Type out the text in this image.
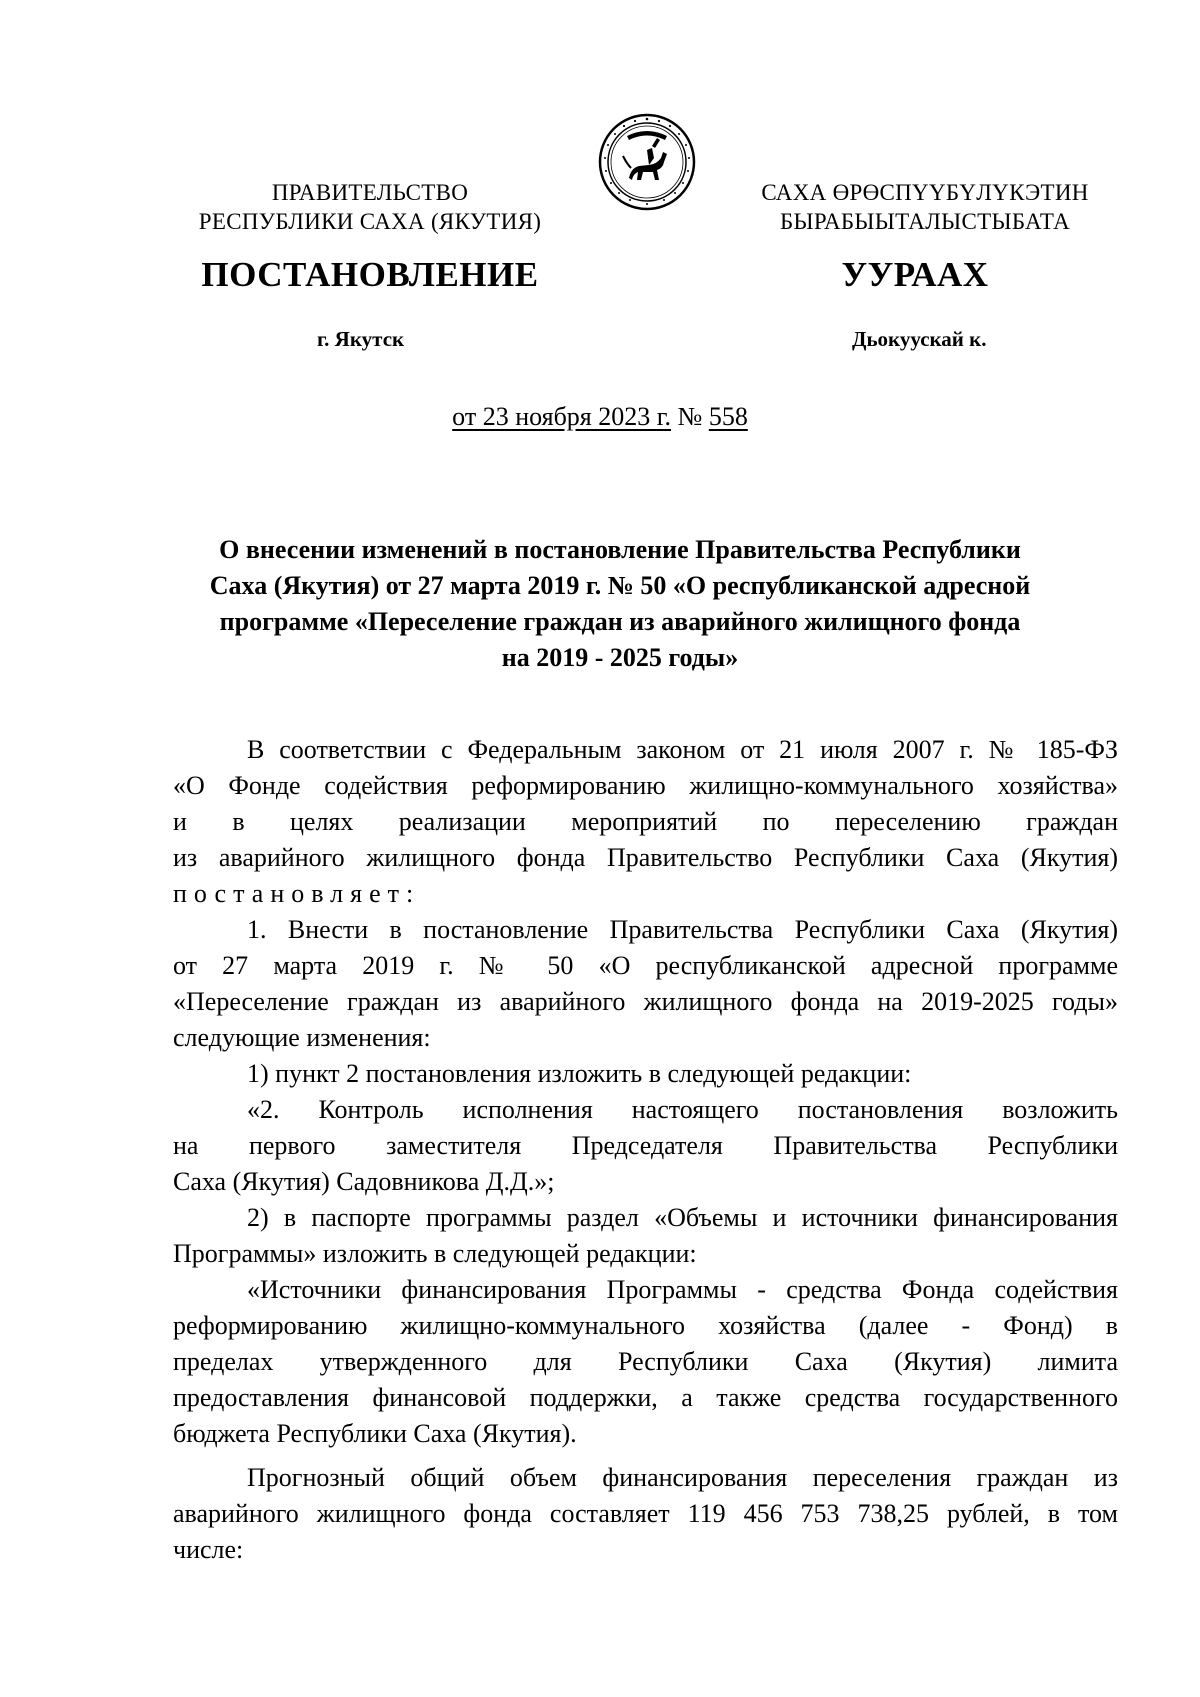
ПРАВИТЕЛЬСТВО
РЕСПУБЛИКИ САХА (ЯКУТИЯ)
САХА ӨРӨСПҮҮБҮЛҮКЭТИН
БЫРАБЫЫТАЛЫСТЫБАТА
ПОСТАНОВЛЕНИЕ	УУРААХ
г. Якутск	Дьокуускай к.
от 23 ноября 2023 г. № 558
О внесении изменений в постановление Правительства Республики
Саха (Якутия) от 27 марта 2019 г. № 50 «О республиканской адресной
программе «Переселение граждан из аварийного жилищного фонда
на 2019 - 2025 годы»
В соответствии с Федеральным законом от 21 июля 2007 г. № 185-ФЗ
«О Фонде содействия реформированию жилищно-коммунального хозяйства»
и в целях реализации мероприятий по переселению граждан
из аварийного жилищного фонда Правительство Республики Саха (Якутия)
постановляет:
1. Внести в постановление Правительства Республики Саха (Якутия)
от 27 марта 2019 г. № 50 «О республиканской адресной программе
«Переселение граждан из аварийного жилищного фонда на 2019-2025 годы»
следующие изменения:
1) пункт 2 постановления изложить в следующей редакции:
«2. Контроль исполнения настоящего постановления возложить
на первого заместителя Председателя Правительства Республики
Саха (Якутия) Садовникова Д.Д.»;
2) в паспорте программы раздел «Объемы и источники финансирования
Программы» изложить в следующей редакции:
«Источники финансирования Программы - средства Фонда содействия
реформированию жилищно-коммунального хозяйства (далее - Фонд) в
пределах утвержденного для Республики Саха (Якутия) лимита
предоставления финансовой поддержки, а также средства государственного
бюджета Республики Саха (Якутия).
Прогнозный общий объем финансирования переселения граждан из
аварийного жилищного фонда составляет 119 456 753 738,25 рублей, в том
числе:
